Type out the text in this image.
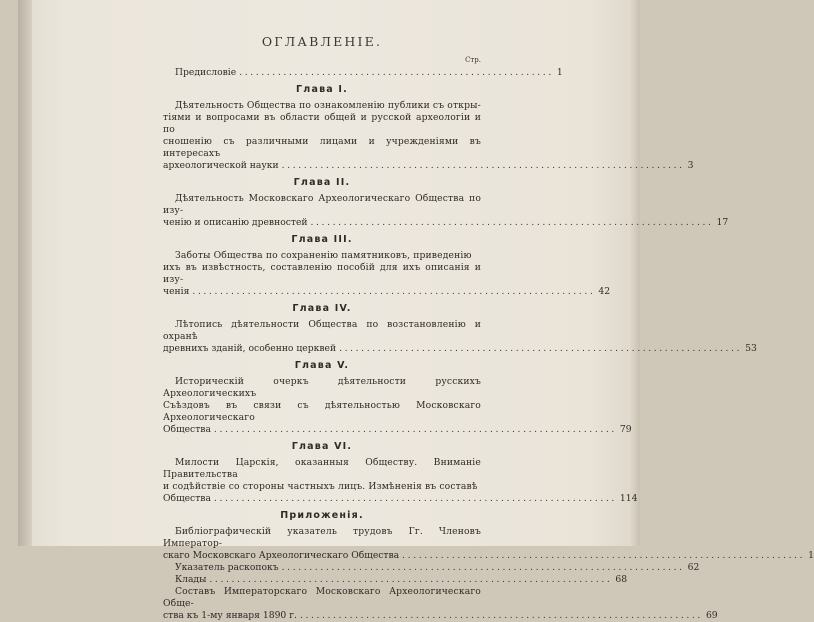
ОГЛАВЛЕНІЕ.
Стр.
Предисловіе ......................................................... 1
Глава I.
Дѣятельность Общества по ознакомленію публики съ откры-
тіями и вопросами въ области общей и русской археологіи и по
сношенію съ различными лицами и учрежденіями въ интересахъ
археологической науки ......................................................................... 3
Глава II.
Дѣятельность Московскаго Археологическаго Общества по изу-
ченію и описанію древностей ......................................................................... 17
Глава III.
Заботы Общества по сохраненію памятниковъ, приведенію
ихъ въ извѣстность, составленію пособій для ихъ описанія и изу-
ченія ......................................................................... 42
Глава IV.
Лѣтопись дѣятельности Общества по возстановленію и охранѣ
древнихъ зданій, особенно церквей ......................................................................... 53
Глава V.
Историческій очеркъ дѣятельности русскихъ Археологическихъ
Съѣздовъ въ связи съ дѣятельностью Московскаго Археологическаго
Общества ......................................................................... 79
Глава VI.
Милости Царскія, оказанныя Обществу. Вниманіе Правительства
и содѣйствіе со стороны частныхъ лицъ. Измѣненія въ составѣ
Общества ......................................................................... 114
Приложенія.
Библіографическій указатель трудовъ Гг. Членовъ Император-
скаго Московскаго Археологическаго Общества ......................................................................... 1
Указатель раскопокъ ......................................................................... 62
Клады ......................................................................... 68
Составъ Императорскаго Московскаго Археологическаго Обще-
ства къ 1-му января 1890 г. ......................................................................... 69
